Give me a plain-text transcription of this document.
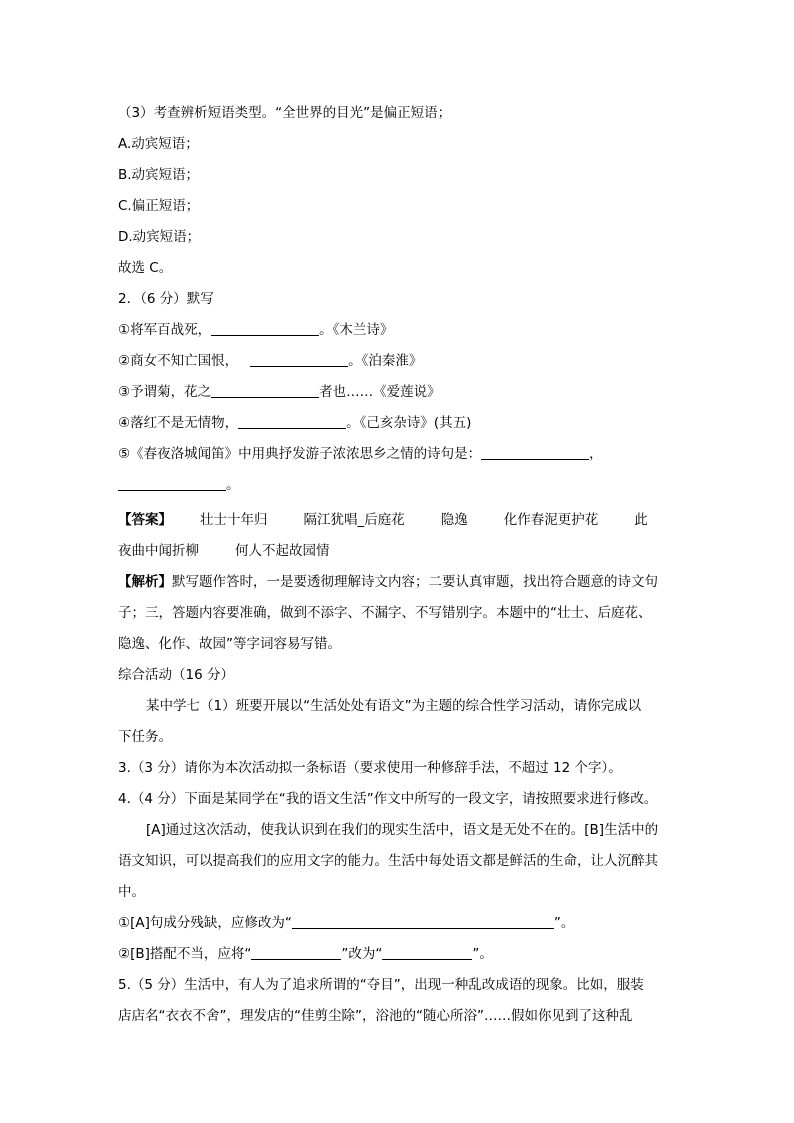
（3）考查辨析短语类型。“全世界的目光”是偏正短语；
A.动宾短语；
B.动宾短语；
C.偏正短语；
D.动宾短语；
故选 C。
2．（6 分）默写
①将军百战死，	。《木兰诗》
②商女不知亡国恨，	。《泊秦淮》
③予谓菊，花之	者也……《爱莲说》
④落红不是无情物，	。《己亥杂诗》(其五)
⑤《春夜洛城闻笛》中用典抒发游子浓浓思乡之情的诗句是：	，
。
【答案】 壮士十年归	隔江犹唱_后庭花	隐逸	化作春泥更护花	此
夜曲中闻折柳	何人不起故园情
【解析】默写题作答时，一是要透彻理解诗文内容；二要认真审题，找出符合题意的诗文句
子；三，答题内容要准确，做到不添字、不漏字、不写错别字。本题中的“壮士、后庭花、
隐逸、化作、故园”等字词容易写错。
综合活动（16 分）
某中学七（1）班要开展以“生活处处有语文”为主题的综合性学习活动，请你完成以
下任务。
3.（3 分）请你为本次活动拟一条标语（要求使用一种修辞手法，不超过 12 个字）。
4.（4 分）下面是某同学在“我的语文生活”作文中所写的一段文字，请按照要求进行修改。
[A]通过这次活动，使我认识到在我们的现实生活中，语文是无处不在的。[B]生活中的
语文知识，可以提高我们的应用文字的能力。生活中每处语文都是鲜活的生命，让人沉醉其
中。
①[A]句成分残缺，应修改为“	”。
②[B]搭配不当，应将“	”改为“	”。
5.（5 分）生活中，有人为了追求所谓的“夺目”，出现一种乱改成语的现象。比如，服装
店店名“衣衣不舍”，理发店的“佳剪尘除”，浴池的“随心所浴”……假如你见到了这种乱
